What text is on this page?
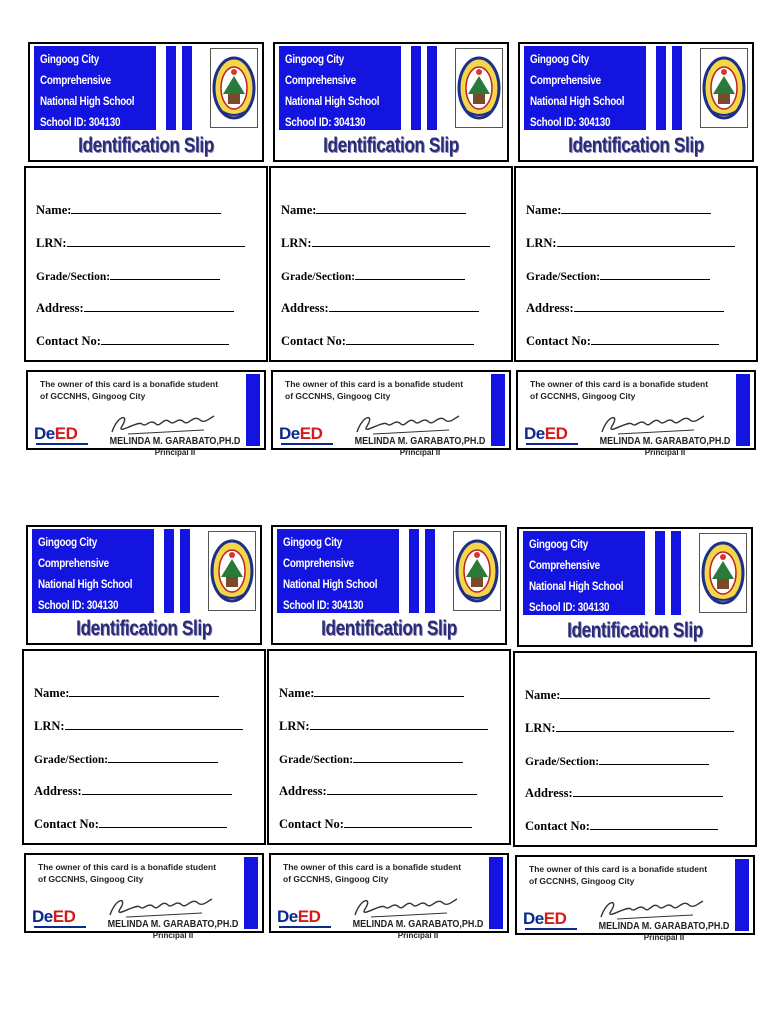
Gingoog City
Comprehensive
National High School
School ID: 304130
Identification Slip
Name:
LRN:
Grade/Section:
Address:
Contact No:
The owner of this card is a bonafide student
of GCCNHS, Gingoog City
DeED	MELINDA M. GARABATO,PH.D
Principal II
Gingoog City
Comprehensive
National High School
School ID: 304130
Identification Slip
Name:
LRN:
Grade/Section:
Address:
Contact No:
The owner of this card is a bonafide student
of GCCNHS, Gingoog City
DeED	MELINDA M. GARABATO,PH.D
Principal II
Gingoog City
Comprehensive
National High School
School ID: 304130
Identification Slip
Name:
LRN:
Grade/Section:
Address:
Contact No:
The owner of this card is a bonafide student
of GCCNHS, Gingoog City
DeED	MELINDA M. GARABATO,PH.D
Principal II
Gingoog City
Comprehensive
National High School
School ID: 304130
Identification Slip
Name:
LRN:
Grade/Section:
Address:
Contact No:
The owner of this card is a bonafide student
of GCCNHS, Gingoog City
DeED	MELINDA M. GARABATO,PH.D
Principal II
Gingoog City
Comprehensive
National High School
School ID: 304130
Identification Slip
Name:
LRN:
Grade/Section:
Address:
Contact No:
The owner of this card is a bonafide student
of GCCNHS, Gingoog City
DeED	MELINDA M. GARABATO,PH.D
Principal II
Gingoog City
Comprehensive
National High School
School ID: 304130
Identification Slip
Name:
LRN:
Grade/Section:
Address:
Contact No:
The owner of this card is a bonafide student
of GCCNHS, Gingoog City
DeED	MELINDA M. GARABATO,PH.D
Principal II
